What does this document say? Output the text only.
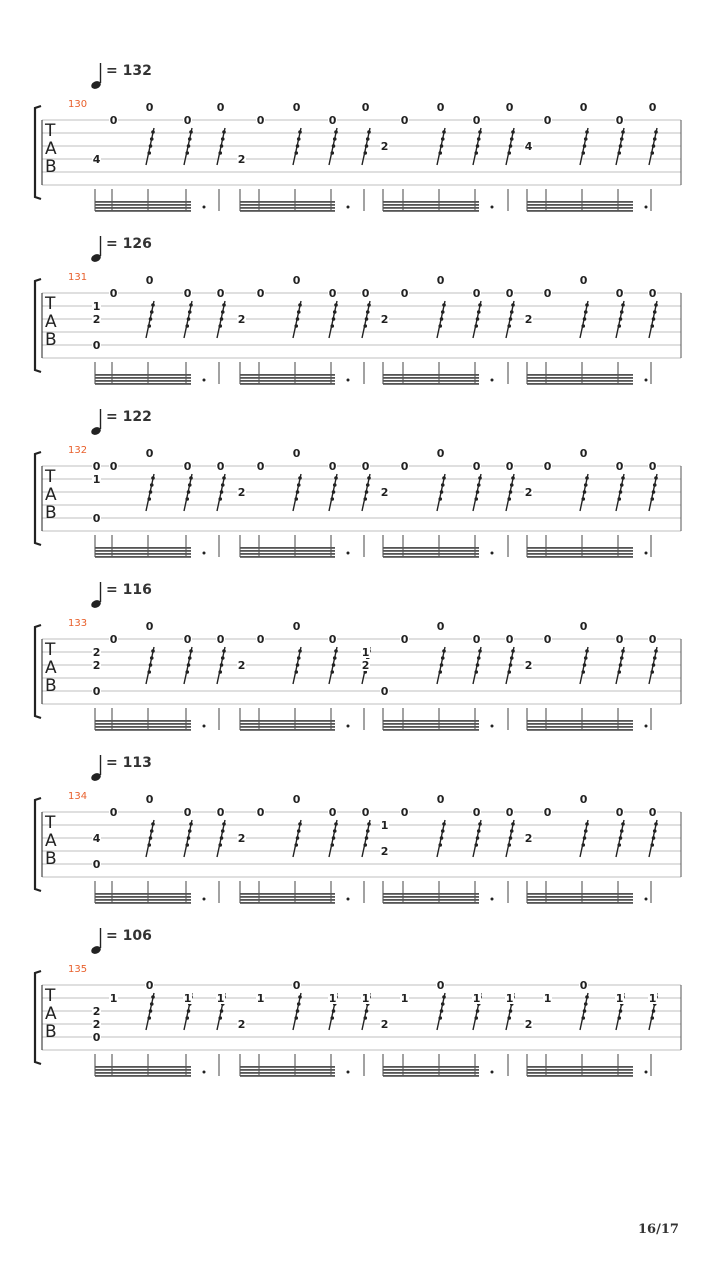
= 132
130
T
A
B	4
0
0
0
0
2
0
0
0
0
2
0
0
0
0
4
0
0
0
0
= 126
131
T
A
B
1
2
0
0
0
0 0
2
0
0
0 0
2
0
0
0 0
2
0
0
0 0
= 122
132
T
A
B
0
1
0
0
0
0 0
2
0
0
0 0
2
0
0
0 0
2
0
0
0 0
= 116
133
T
A
B
2
2
0
0
0
0 0
2
0
0
0
1
2
0
0
0
0 0
2
0
0
0 0
= 113
134
T
A
B
4
0
0
0
0 0
2
0
0
0 0
1
2
0
0
0 0
2
0
0
0 0
= 106
135
T
A
B
2
2
0
1
0
1 1
2
1
0
1 1
2
1
0
1 1
2
1
0
1 1
16/17
